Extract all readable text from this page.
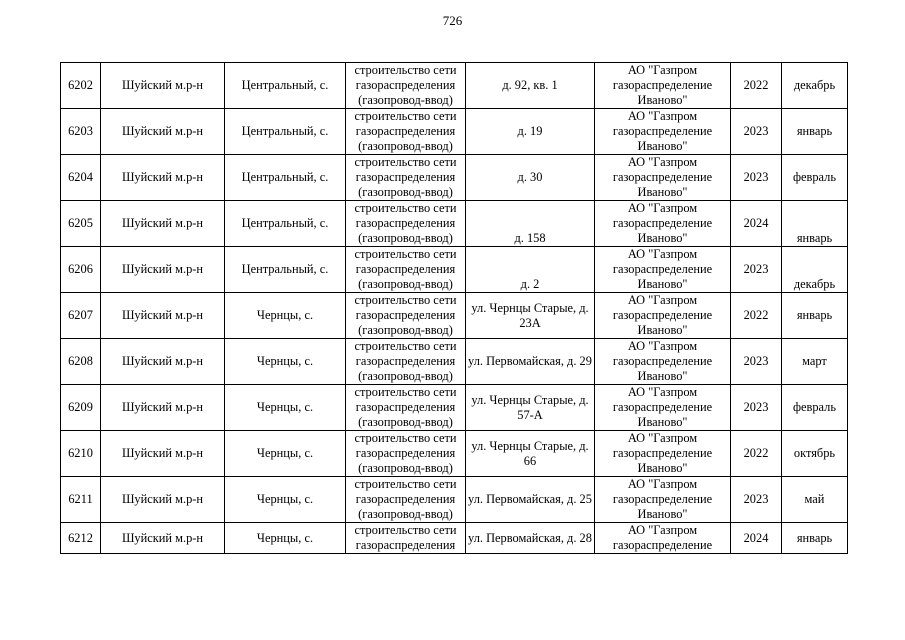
726
6202	Шуйский м.р-н	Центральный, с.	строительство сети газораспределения (газопровод-ввод)	д. 92, кв. 1	АО "Газпром газораспределение Иваново"	2022	декабрь
6203	Шуйский м.р-н	Центральный, с.	строительство сети газораспределения (газопровод-ввод)	д. 19	АО "Газпром газораспределение Иваново"	2023	январь
6204	Шуйский м.р-н	Центральный, с.	строительство сети газораспределения (газопровод-ввод)	д. 30	АО "Газпром газораспределение Иваново"	2023	февраль
6205	Шуйский м.р-н	Центральный, с.	строительство сети газораспределения (газопровод-ввод)	д. 158	АО "Газпром газораспределение Иваново"	2024	январь
6206	Шуйский м.р-н	Центральный, с.	строительство сети газораспределения (газопровод-ввод)	д. 2	АО "Газпром газораспределение Иваново"	2023	декабрь
6207	Шуйский м.р-н	Чернцы, с.	строительство сети газораспределения (газопровод-ввод)	ул. Чернцы Старые, д. 23А	АО "Газпром газораспределение Иваново"	2022	январь
6208	Шуйский м.р-н	Чернцы, с.	строительство сети газораспределения (газопровод-ввод)	ул. Первомайская, д. 29	АО "Газпром газораспределение Иваново"	2023	март
6209	Шуйский м.р-н	Чернцы, с.	строительство сети газораспределения (газопровод-ввод)	ул. Чернцы Старые, д. 57-А	АО "Газпром газораспределение Иваново"	2023	февраль
6210	Шуйский м.р-н	Чернцы, с.	строительство сети газораспределения (газопровод-ввод)	ул. Чернцы Старые, д. 66	АО "Газпром газораспределение Иваново"	2022	октябрь
6211	Шуйский м.р-н	Чернцы, с.	строительство сети газораспределения (газопровод-ввод)	ул. Первомайская, д. 25	АО "Газпром газораспределение Иваново"	2023	май
6212	Шуйский м.р-н	Чернцы, с.	строительство сети газораспределения	ул. Первомайская, д. 28	АО "Газпром газораспределение	2024	январь
